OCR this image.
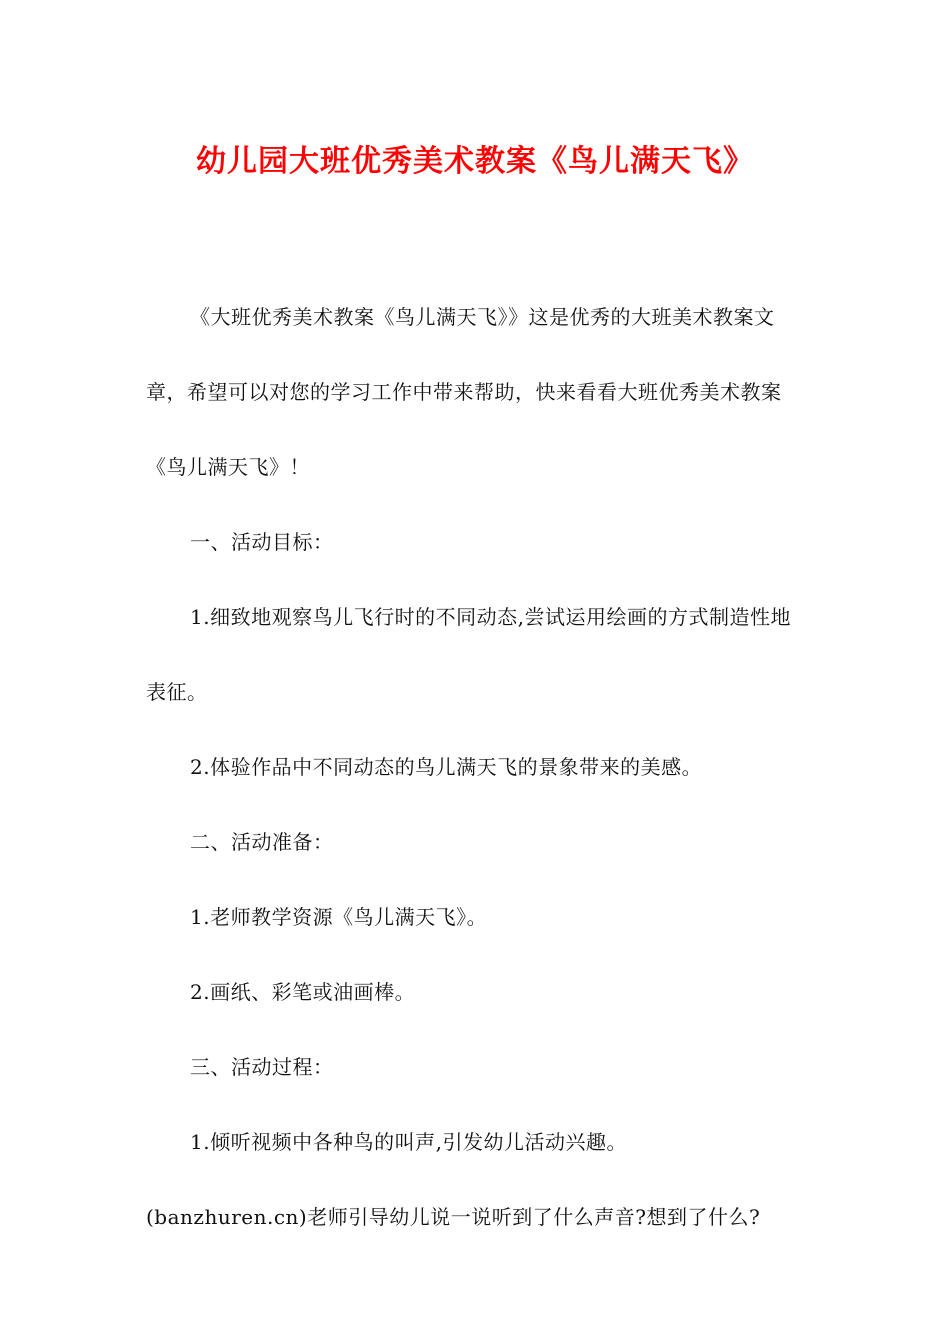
幼儿园大班优秀美术教案《鸟儿满天飞》

《大班优秀美术教案《鸟儿满天飞》》这是优秀的大班美术教案文章，希望可以对您的学习工作中带来帮助，快来看看大班优秀美术教案《鸟儿满天飞》！

一、活动目标：

1.细致地观察鸟儿飞行时的不同动态,尝试运用绘画的方式制造性地表征。

2.体验作品中不同动态的鸟儿满天飞的景象带来的美感。

二、活动准备：

1.老师教学资源《鸟儿满天飞》。

2.画纸、彩笔或油画棒。

三、活动过程：

1.倾听视频中各种鸟的叫声,引发幼儿活动兴趣。

(banzhuren.cn)老师引导幼儿说一说听到了什么声音?想到了什么?
